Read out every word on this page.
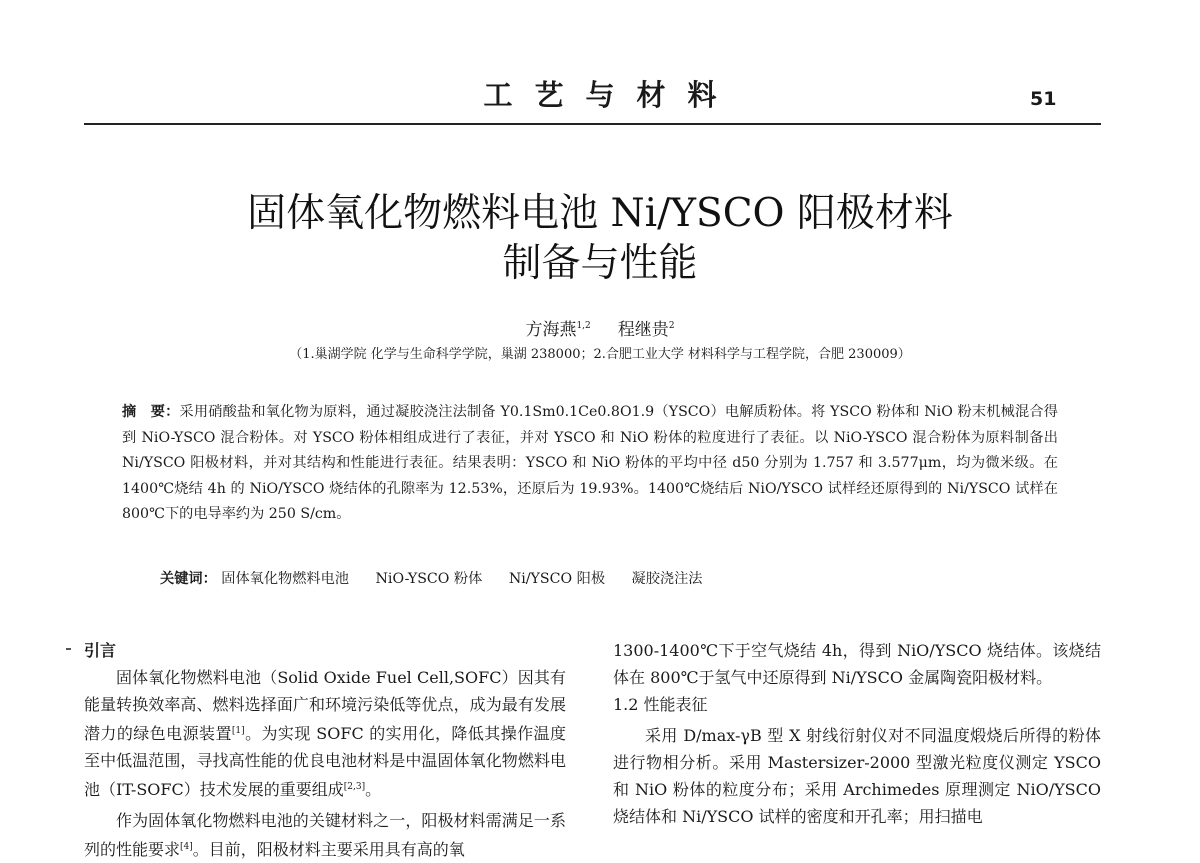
工艺与材料	51
固体氧化物燃料电池 Ni/YSCO 阳极材料
制备与性能
方海燕$^{1,2}$ 程继贵$^2$
（1.巢湖学院 化学与生命科学学院，巢湖 238000；2.合肥工业大学 材料科学与工程学院，合肥 230009）
摘　要：采用硝酸盐和氧化物为原料，通过凝胶浇注法制备 Y0.1Sm0.1Ce0.8O1.9（YSCO）电解质粉体。将 YSCO 粉体和 NiO 粉末机械混合得到 NiO-YSCO 混合粉体。对 YSCO 粉体相组成进行了表征，并对 YSCO 和 NiO 粉体的粒度进行了表征。以 NiO-YSCO 混合粉体为原料制备出 Ni/YSCO 阳极材料，并对其结构和性能进行表征。结果表明：YSCO 和 NiO 粉体的平均中径 d50 分别为 1.757 和 3.577μm，均为微米级。在 1400℃烧结 4h 的 NiO/YSCO 烧结体的孔隙率为 12.53%，还原后为 19.93%。1400℃烧结后 NiO/YSCO 试样经还原得到的 Ni/YSCO 试样在 800℃下的电导率约为 250 S/cm。
关键词： 固体氧化物燃料电池 NiO-YSCO 粉体 Ni/YSCO 阳极 凝胶浇注法
引言

固体氧化物燃料电池（Solid Oxide Fuel Cell,SOFC）因其有能量转换效率高、燃料选择面广和环境污染低等优点，成为最有发展潜力的绿色电源装置[1]。为实现 SOFC 的实用化，降低其操作温度至中低温范围，寻找高性能的优良电池材料是中温固体氧化物燃料电池（IT-SOFC）技术发展的重要组成[2,3]。

作为固体氧化物燃料电池的关键材料之一，阳极材料需满足一系列的性能要求[4]。目前，阳极材料主要采用具有高的氧

1300-1400℃下于空气烧结 4h，得到 NiO/YSCO 烧结体。该烧结体在 800℃于氢气中还原得到 Ni/YSCO 金属陶瓷阳极材料。

1.2 性能表征

采用 D/max-γB 型 X 射线衍射仪对不同温度煅烧后所得的粉体进行物相分析。采用 Mastersizer-2000 型激光粒度仪测定 YSCO 和 NiO 粉体的粒度分布；采用 Archimedes 原理测定 NiO/YSCO 烧结体和 Ni/YSCO 试样的密度和开孔率；用扫描电
